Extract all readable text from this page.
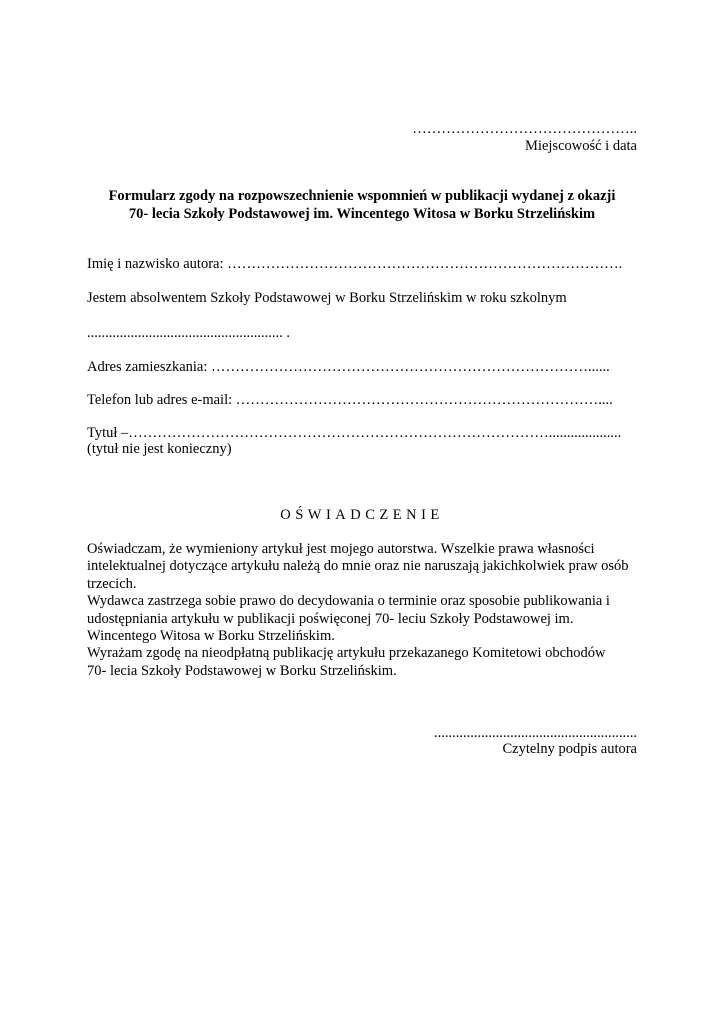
………………………………………..
Miejscowość i data
Formularz zgody na rozpowszechnienie wspomnień w publikacji wydanej z okazji
70- lecia Szkoły Podstawowej im. Wincentego Witosa w Borku Strzelińskim
Imię i nazwisko autora: ……………………………………………………………………….
Jestem absolwentem Szkoły Podstawowej w Borku Strzelińskim w roku szkolnym
...................................................... .
Adres zamieszkania: ……………………………………………………………………......
Telefon lub adres e-mail: …………………………………………………………………....
Tytuł –……………………………………………………………………………....................
(tytuł nie jest konieczny)
OŚWIADCZENIE
Oświadczam, że wymieniony artykuł jest mojego autorstwa. Wszelkie prawa własności
intelektualnej dotyczące artykułu należą do mnie oraz nie naruszają jakichkolwiek praw osób
trzecich.
Wydawca zastrzega sobie prawo do decydowania o terminie oraz sposobie publikowania i
udostępniania artykułu w publikacji poświęconej 70- leciu Szkoły Podstawowej im.
Wincentego Witosa w Borku Strzelińskim.
Wyrażam zgodę na nieodpłatną publikację artykułu przekazanego Komitetowi obchodów
70- lecia Szkoły Podstawowej w Borku Strzelińskim.
........................................................
Czytelny podpis autora
